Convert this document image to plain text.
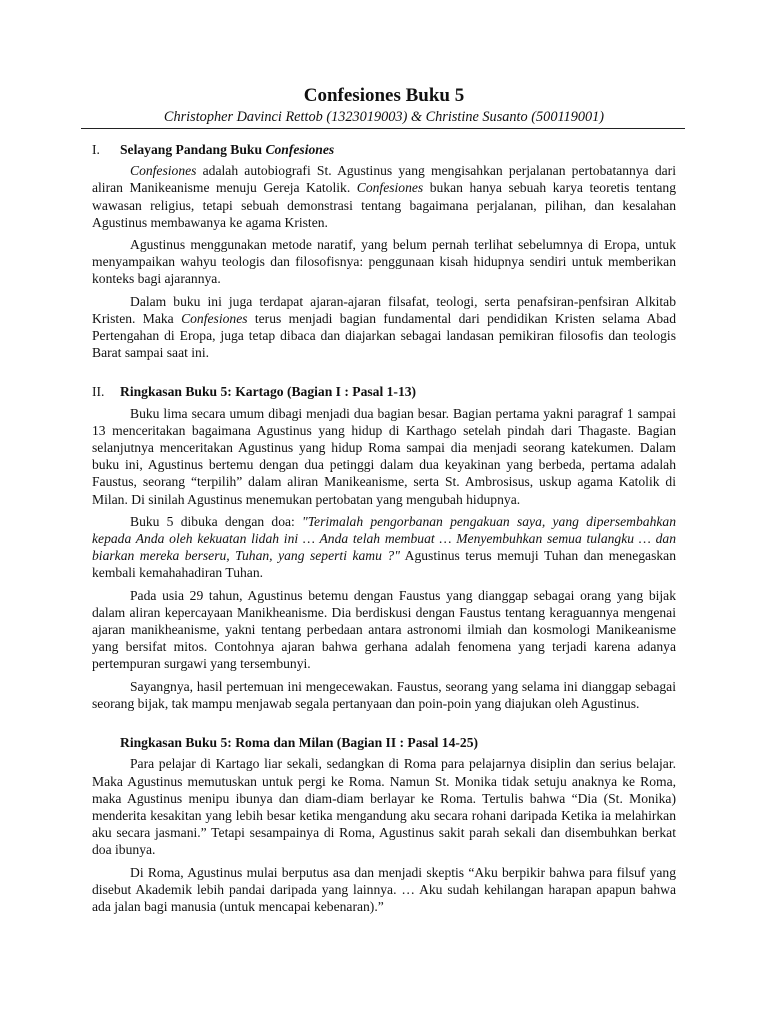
Confesiones Buku 5
Christopher Davinci Rettob (1323019003) & Christine Susanto (500119001)
I. Selayang Pandang Buku Confesiones

Confesiones adalah autobiografi St. Agustinus yang mengisahkan perjalanan pertobatannya dari aliran Manikeanisme menuju Gereja Katolik. Confesiones bukan hanya sebuah karya teoretis tentang wawasan religius, tetapi sebuah demonstrasi tentang bagaimana perjalanan, pilihan, dan kesalahan Agustinus membawanya ke agama Kristen.

Agustinus menggunakan metode naratif, yang belum pernah terlihat sebelumnya di Eropa, untuk menyampaikan wahyu teologis dan filosofisnya: penggunaan kisah hidupnya sendiri untuk memberikan konteks bagi ajarannya.

Dalam buku ini juga terdapat ajaran-ajaran filsafat, teologi, serta penafsiran-penfsiran Alkitab Kristen. Maka Confesiones terus menjadi bagian fundamental dari pendidikan Kristen selama Abad Pertengahan di Eropa, juga tetap dibaca dan diajarkan sebagai landasan pemikiran filosofis dan teologis Barat sampai saat ini.

II. Ringkasan Buku 5: Kartago (Bagian I : Pasal 1-13)

Buku lima secara umum dibagi menjadi dua bagian besar. Bagian pertama yakni paragraf 1 sampai 13 menceritakan bagaimana Agustinus yang hidup di Karthago setelah pindah dari Thagaste. Bagian selanjutnya menceritakan Agustinus yang hidup Roma sampai dia menjadi seorang katekumen. Dalam buku ini, Agustinus bertemu dengan dua petinggi dalam dua keyakinan yang berbeda, pertama adalah Faustus, seorang “terpilih” dalam aliran Manikeanisme, serta St. Ambrosisus, uskup agama Katolik di Milan. Di sinilah Agustinus menemukan pertobatan yang mengubah hidupnya.

Buku 5 dibuka dengan doa: "Terimalah pengorbanan pengakuan saya, yang dipersembahkan kepada Anda oleh kekuatan lidah ini … Anda telah membuat … Menyembuhkan semua tulangku … dan biarkan mereka berseru, Tuhan, yang seperti kamu ?" Agustinus terus memuji Tuhan dan menegaskan kembali kemahahadiran Tuhan.

Pada usia 29 tahun, Agustinus betemu dengan Faustus yang dianggap sebagai orang yang bijak dalam aliran kepercayaan Manikheanisme. Dia berdiskusi dengan Faustus tentang keraguannya mengenai ajaran manikheanisme, yakni tentang perbedaan antara astronomi ilmiah dan kosmologi Manikeanisme yang bersifat mitos. Contohnya ajaran bahwa gerhana adalah fenomena yang terjadi karena adanya pertempuran surgawi yang tersembunyi.

Sayangnya, hasil pertemuan ini mengecewakan. Faustus, seorang yang selama ini dianggap sebagai seorang bijak, tak mampu menjawab segala pertanyaan dan poin-poin yang diajukan oleh Agustinus.

Ringkasan Buku 5: Roma dan Milan (Bagian II : Pasal 14-25)

Para pelajar di Kartago liar sekali, sedangkan di Roma para pelajarnya disiplin dan serius belajar. Maka Agustinus memutuskan untuk pergi ke Roma. Namun St. Monika tidak setuju anaknya ke Roma, maka Agustinus menipu ibunya dan diam-diam berlayar ke Roma. Tertulis bahwa “Dia (St. Monika) menderita kesakitan yang lebih besar ketika mengandung aku secara rohani daripada Ketika ia melahirkan aku secara jasmani.” Tetapi sesampainya di Roma, Agustinus sakit parah sekali dan disembuhkan berkat doa ibunya.

Di Roma, Agustinus mulai berputus asa dan menjadi skeptis “Aku berpikir bahwa para filsuf yang disebut Akademik lebih pandai daripada yang lainnya. … Aku sudah kehilangan harapan apapun bahwa ada jalan bagi manusia (untuk mencapai kebenaran).”
